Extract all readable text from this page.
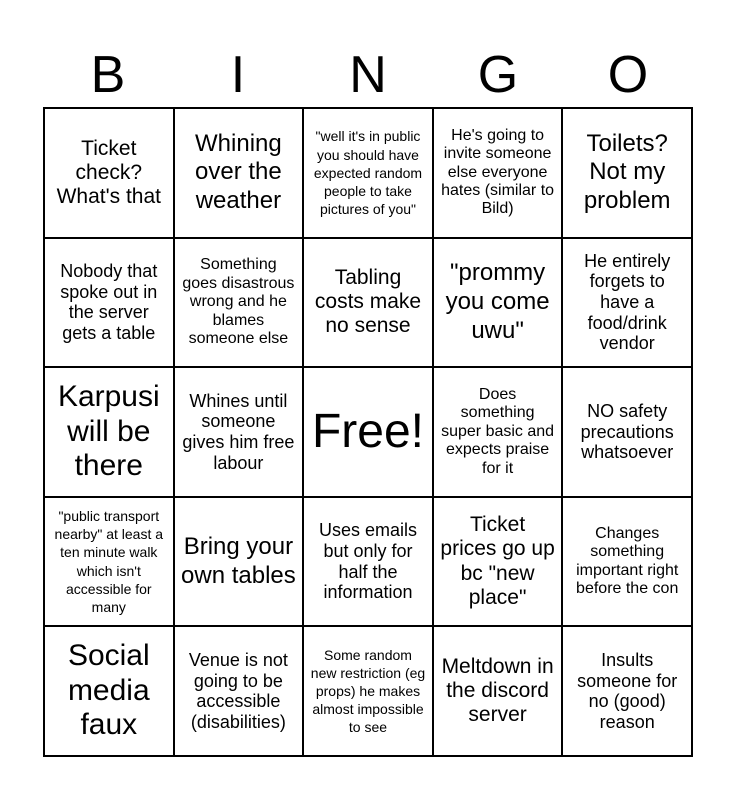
B	I	N	G	O
Ticket check? What's that
Whining over the weather
"well it's in public you should have expected random people to take pictures of you"
He's going to invite someone else everyone hates (similar to Bild)
Toilets? Not my problem
Nobody that spoke out in the server gets a table
Something goes disastrous wrong and he blames someone else
Tabling costs make no sense
"prommy you come uwu"
He entirely forgets to have a food/drink vendor
Karpusi will be there
Whines until someone gives him free labour
Free!
Does something super basic and expects praise for it
NO safety precautions whatsoever
"public transport nearby" at least a ten minute walk which isn't accessible for many
Bring your own tables
Uses emails but only for half the information
Ticket prices go up bc "new place"
Changes something important right before the con
Social media faux
Venue is not going to be accessible (disabilities)
Some random new restriction (eg props) he makes almost impossible to see
Meltdown in the discord server
Insults someone for no (good) reason
